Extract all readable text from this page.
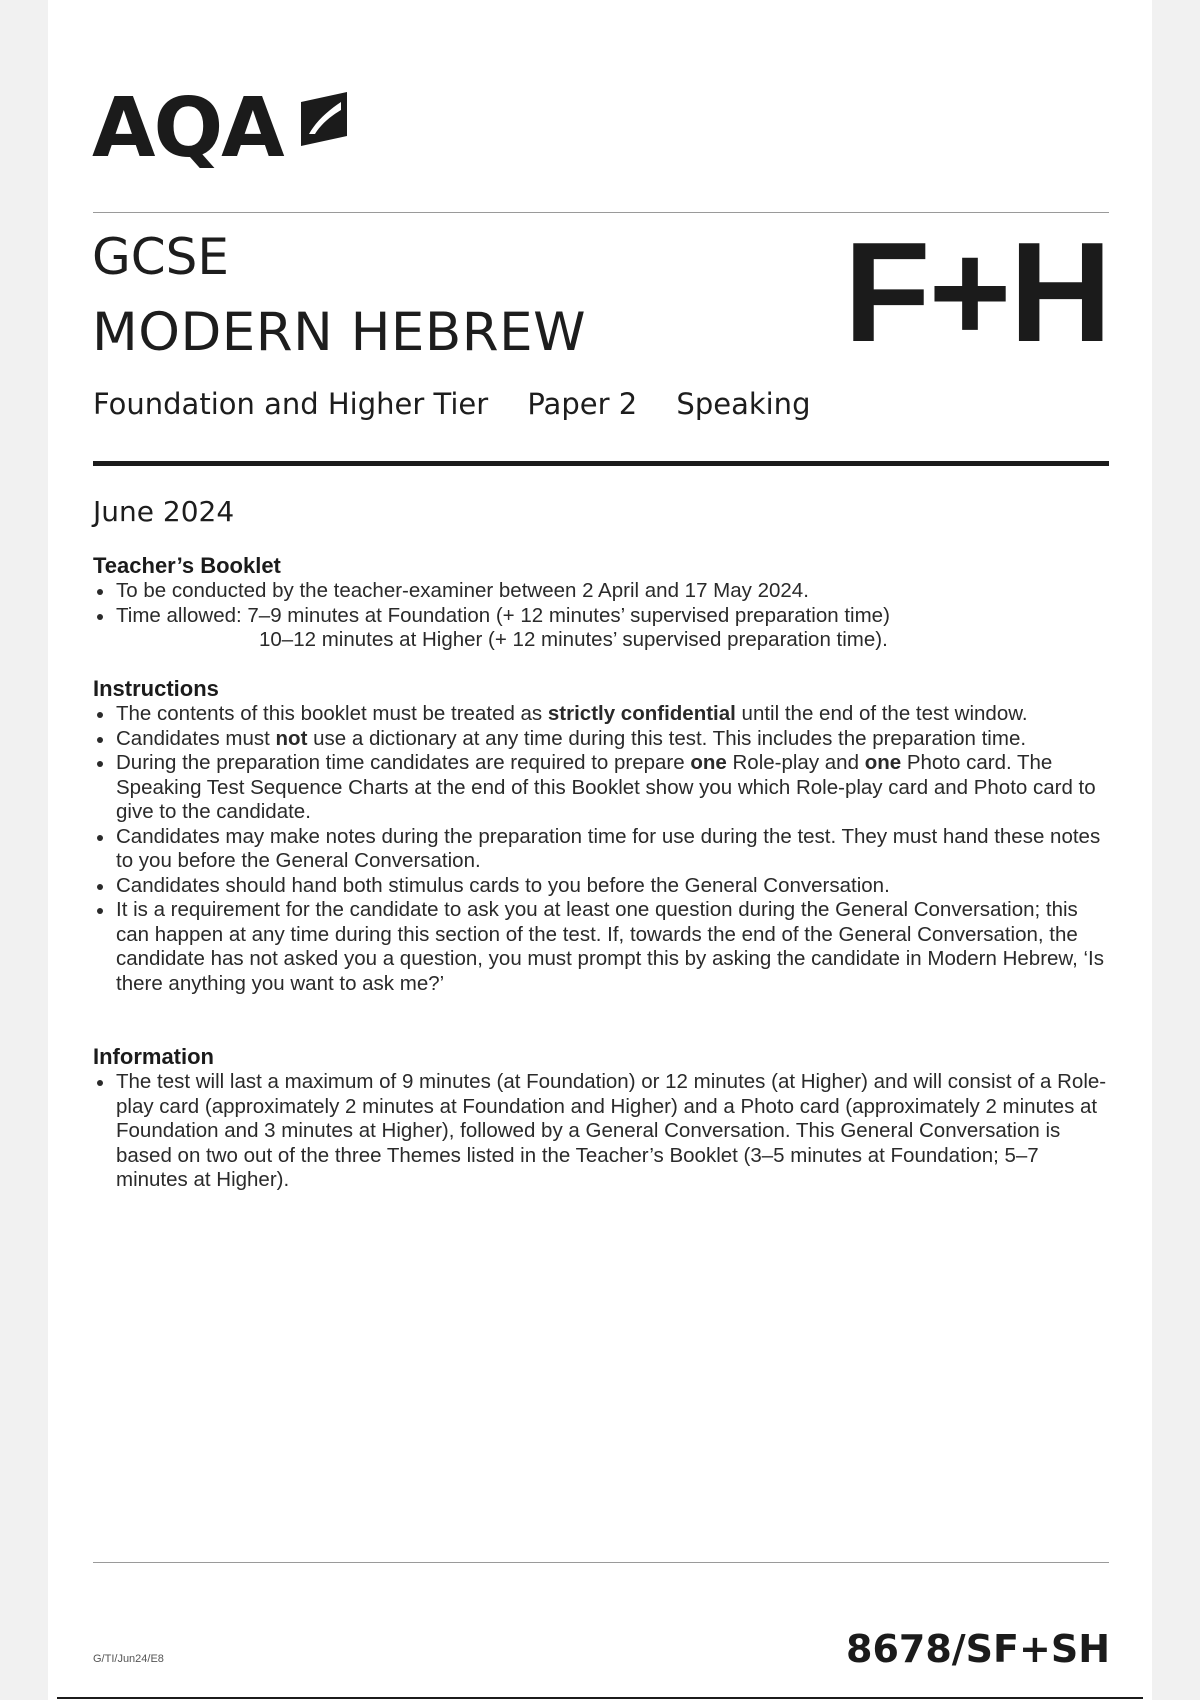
AQA
GCSE
MODERN HEBREW F+H
Foundation and Higher Tier Paper 2 Speaking
June 2024
Teacher’s Booklet
To be conducted by the teacher-examiner between 2 April and 17 May 2024.
Time allowed: 7–9 minutes at Foundation (+ 12 minutes’ supervised preparation time)
10–12 minutes at Higher (+ 12 minutes’ supervised preparation time).
Instructions
The contents of this booklet must be treated as strictly confidential until the end of the test window.
Candidates must not use a dictionary at any time during this test. This includes the preparation time.
During the preparation time candidates are required to prepare one Role-play and one Photo card. The Speaking Test Sequence Charts at the end of this Booklet show you which Role-play card and Photo card to give to the candidate.
Candidates may make notes during the preparation time for use during the test. They must hand these notes to you before the General Conversation.
Candidates should hand both stimulus cards to you before the General Conversation.
It is a requirement for the candidate to ask you at least one question during the General Conversation; this can happen at any time during this section of the test. If, towards the end of the General Conversation, the candidate has not asked you a question, you must prompt this by asking the candidate in Modern Hebrew, ‘Is there anything you want to ask me?’
Information
The test will last a maximum of 9 minutes (at Foundation) or 12 minutes (at Higher) and will consist of a Role-play card (approximately 2 minutes at Foundation and Higher) and a Photo card (approximately 2 minutes at Foundation and 3 minutes at Higher), followed by a General Conversation. This General Conversation is based on two out of the three Themes listed in the Teacher’s Booklet (3–5 minutes at Foundation; 5–7 minutes at Higher).
G/TI/Jun24/E8	8678/SF+SH
